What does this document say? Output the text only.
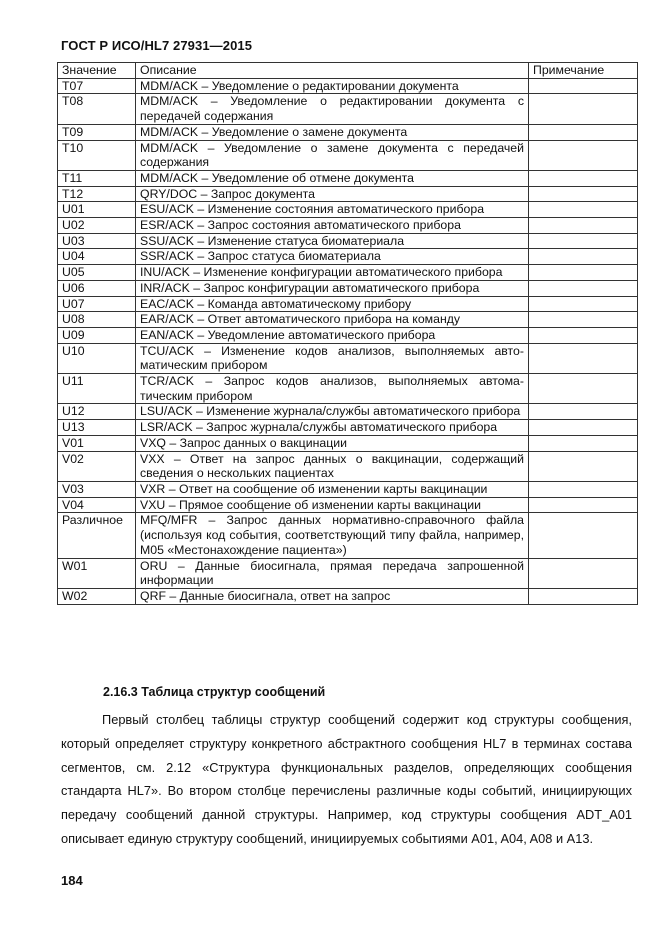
ГОСТ Р ИСО/HL7 27931—2015
Значение	Описание	Примечание
T07	MDM/ACK – Уведомление о редактировании документа	
T08	MDM/ACK – Уведомление о редактировании документа с передачей содержания	
T09	MDM/ACK – Уведомление о замене документа	
T10	MDM/ACK – Уведомление о замене документа с передачей содержания	
T11	MDM/ACK – Уведомление об отмене документа	
T12	QRY/DOC – Запрос документа	
U01	ESU/ACK – Изменение состояния автоматического прибора	
U02	ESR/ACK – Запрос состояния автоматического прибора	
U03	SSU/ACK – Изменение статуса биоматериала	
U04	SSR/ACK – Запрос статуса биоматериала	
U05	INU/ACK – Изменение конфигурации автоматического прибора	
U06	INR/ACK – Запрос конфигурации автоматического прибора	
U07	EAC/ACK – Команда автоматическому прибору	
U08	EAR/ACK – Ответ автоматического прибора на команду	
U09	EAN/ACK – Уведомление автоматического прибора	
U10	TCU/ACK – Изменение кодов анализов, выполняемых автоматическим прибором	
U11	TCR/ACK – Запрос кодов анализов, выполняемых автоматическим прибором	
U12	LSU/ACK – Изменение журнала/службы автоматического прибора	
U13	LSR/ACK – Запрос журнала/службы автоматического прибора	
V01	VXQ – Запрос данных о вакцинации	
V02	VXX – Ответ на запрос данных о вакцинации, содержащий сведения о нескольких пациентах	
V03	VXR – Ответ на сообщение об изменении карты вакцинации	
V04	VXU – Прямое сообщение об изменении карты вакцинации	
Различное	MFQ/MFR – Запрос данных нормативно-справочного файла (используя код события, соответствующий типу файла, например, M05 «Местонахождение пациента»)	
W01	ORU – Данные биосигнала, прямая передача запрошенной информации	
W02	QRF – Данные биосигнала, ответ на запрос	
2.16.3 Таблица структур сообщений
Первый столбец таблицы структур сообщений содержит код структуры сообщения, который определяет структуру конкретного абстрактного сообщения HL7 в терминах состава сегментов, см. 2.12 «Структура функциональных разделов, определяющих сообщения стандарта HL7». Во втором столбце перечислены различные коды событий, инициирующих передачу сообщений данной структуры. Например, код структуры сообщения ADT_A01 описывает единую структуру сообщений, инициируемых событиями A01, A04, A08 и A13.
184
